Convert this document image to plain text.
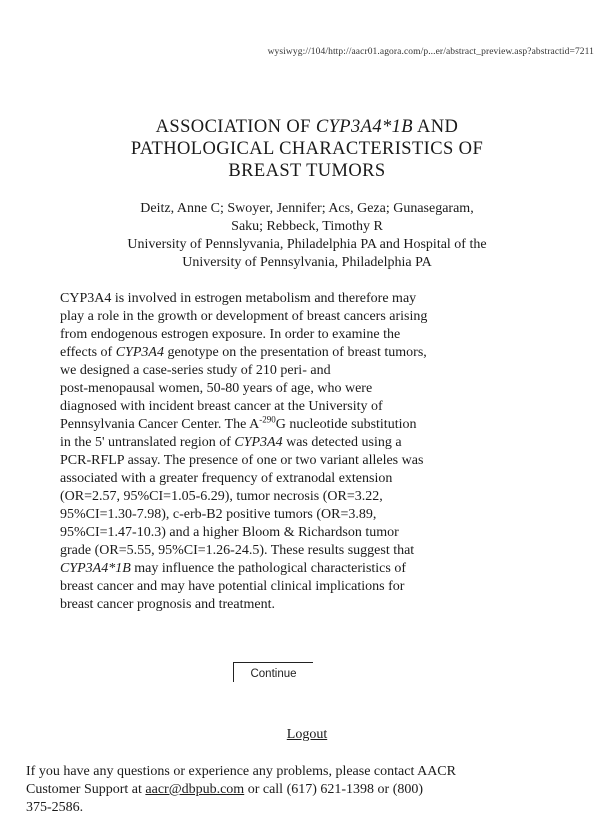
wysiwyg://104/http://aacr01.agora.com/p...er/abstract_preview.asp?abstractid=7211
ASSOCIATION OF CYP3A4*1B AND
PATHOLOGICAL CHARACTERISTICS OF
BREAST TUMORS
Deitz, Anne C; Swoyer, Jennifer; Acs, Geza; Gunasegaram,
Saku; Rebbeck, Timothy R
University of Pennslyvania, Philadelphia PA and Hospital of the
University of Pennsylvania, Philadelphia PA
CYP3A4 is involved in estrogen metabolism and therefore may
play a role in the growth or development of breast cancers arising
from endogenous estrogen exposure. In order to examine the
effects of CYP3A4 genotype on the presentation of breast tumors,
we designed a case-series study of 210 peri- and
post-menopausal women, 50-80 years of age, who were
diagnosed with incident breast cancer at the University of
Pennsylvania Cancer Center. The $A^{-290}G$ nucleotide substitution
in the 5' untranslated region of CYP3A4 was detected using a
PCR-RFLP assay. The presence of one or two variant alleles was
associated with a greater frequency of extranodal extension
(OR=2.57, 95%CI=1.05-6.29), tumor necrosis (OR=3.22,
95%CI=1.30-7.98), c-erb-B2 positive tumors (OR=3.89,
95%CI=1.47-10.3) and a higher Bloom & Richardson tumor
grade (OR=5.55, 95%CI=1.26-24.5). These results suggest that
CYP3A4*1B may influence the pathological characteristics of
breast cancer and may have potential clinical implications for
breast cancer prognosis and treatment.
Continue
Logout
If you have any questions or experience any problems, please contact AACR
Customer Support at aacr@dbpub.com or call (617) 621-1398 or (800)
375-2586.
